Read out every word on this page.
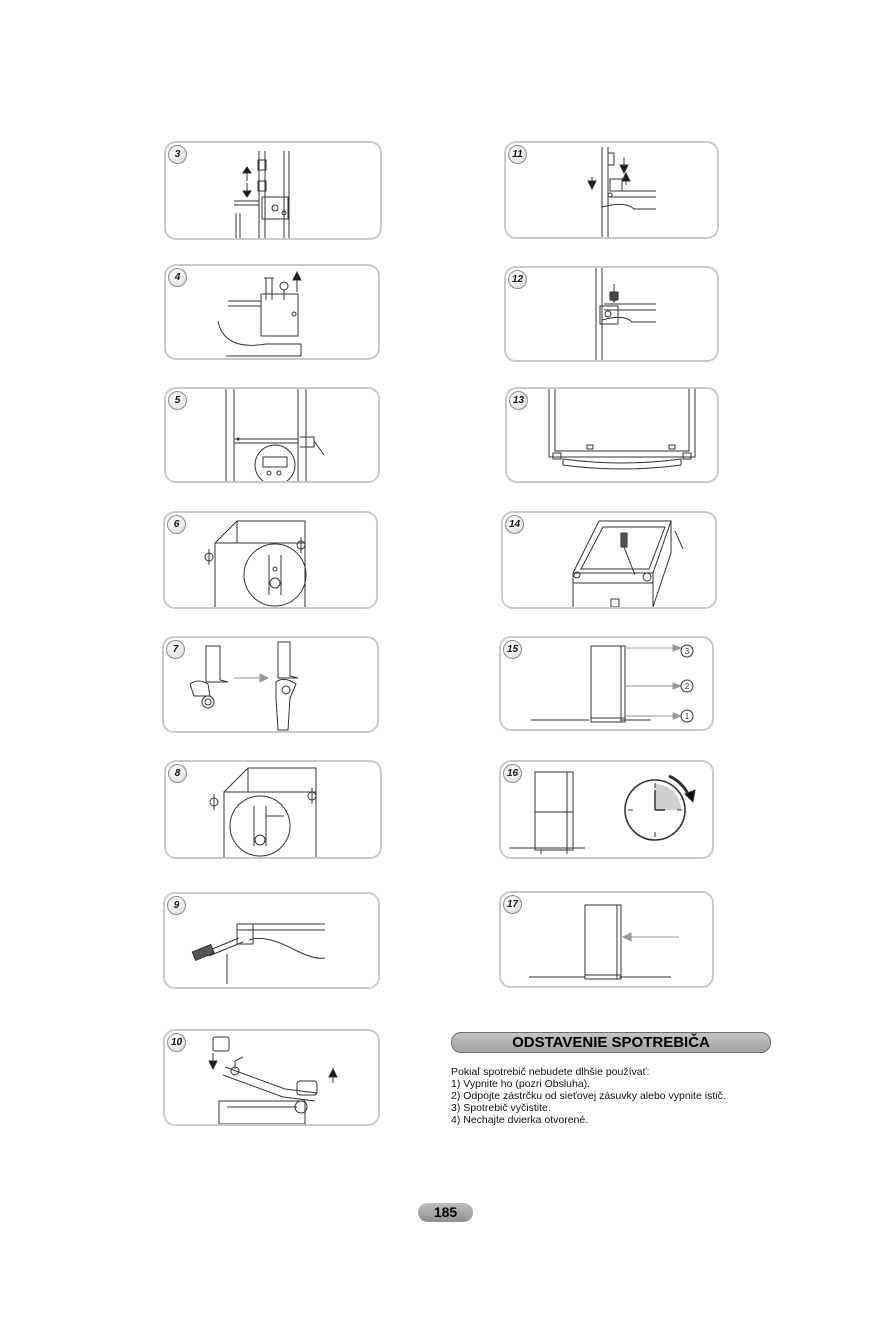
3
4
5
6
7
8
9
10
11
12
13
14
15	3
2
1
16
17
ODSTAVENIE SPOTREBIČA
Pokiaľ spotrebič nebudete dlhšie používať:
1) Vypnite ho (pozri Obsluha).
2) Odpojte zástrčku od sieťovej zásuvky alebo vypnite istič.
3) Spotrebič vyčistite.
4) Nechajte dvierka otvorené.
185
